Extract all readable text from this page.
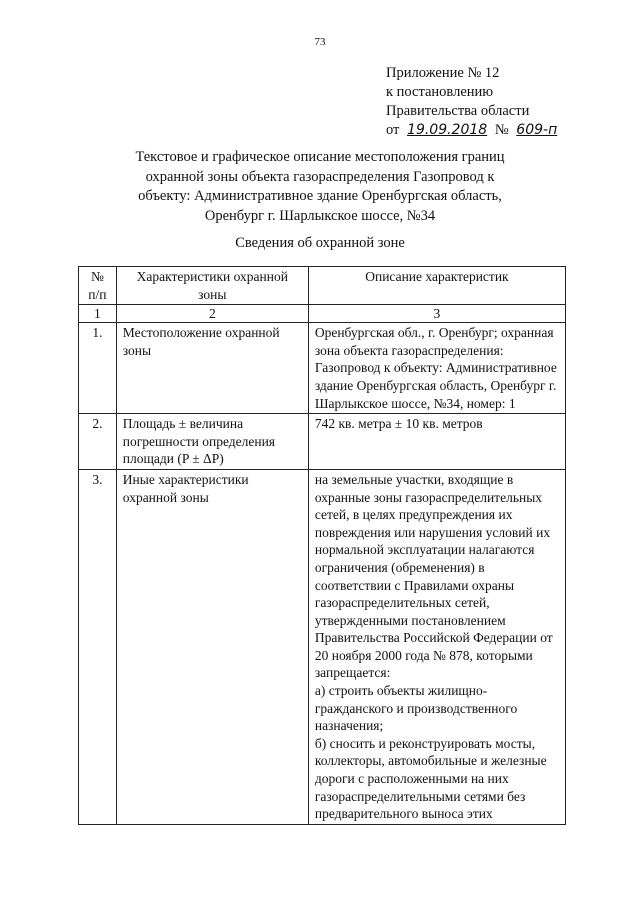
73
Приложение № 12
к постановлению
Правительства области
от 19.09.2018 № 609-п
Текстовое и графическое описание местоположения границ охранной зоны объекта газораспределения Газопровод к объекту: Административное здание Оренбургская область, Оренбург г. Шарлыкское шоссе, №34
Сведения об охранной зоне
№ п/п	Характеристики охранной зоны	Описание характеристик
1	2	3
1.	Местоположение охранной зоны	Оренбургская обл., г. Оренбург; охранная зона объекта газораспределения: Газопровод к объекту: Административное здание Оренбургская область, Оренбург г. Шарлыкское шоссе, №34, номер: 1
2.	Площадь ± величина погрешности определения площади (P ± ΔP)	742 кв. метра ± 10 кв. метров
3.	Иные характеристики охранной зоны	на земельные участки, входящие в охранные зоны газораспределительных сетей, в целях предупреждения их повреждения или нарушения условий их нормальной эксплуатации налагаются ограничения (обременения) в соответствии с Правилами охраны газораспределительных сетей, утвержденными постановлением Правительства Российской Федерации от 20 ноября 2000 года № 878, которыми запрещается:
а) строить объекты жилищно-гражданского и производственного назначения;
б) сносить и реконструировать мосты, коллекторы, автомобильные и железные дороги с расположенными на них газораспределительными сетями без предварительного выноса этих
